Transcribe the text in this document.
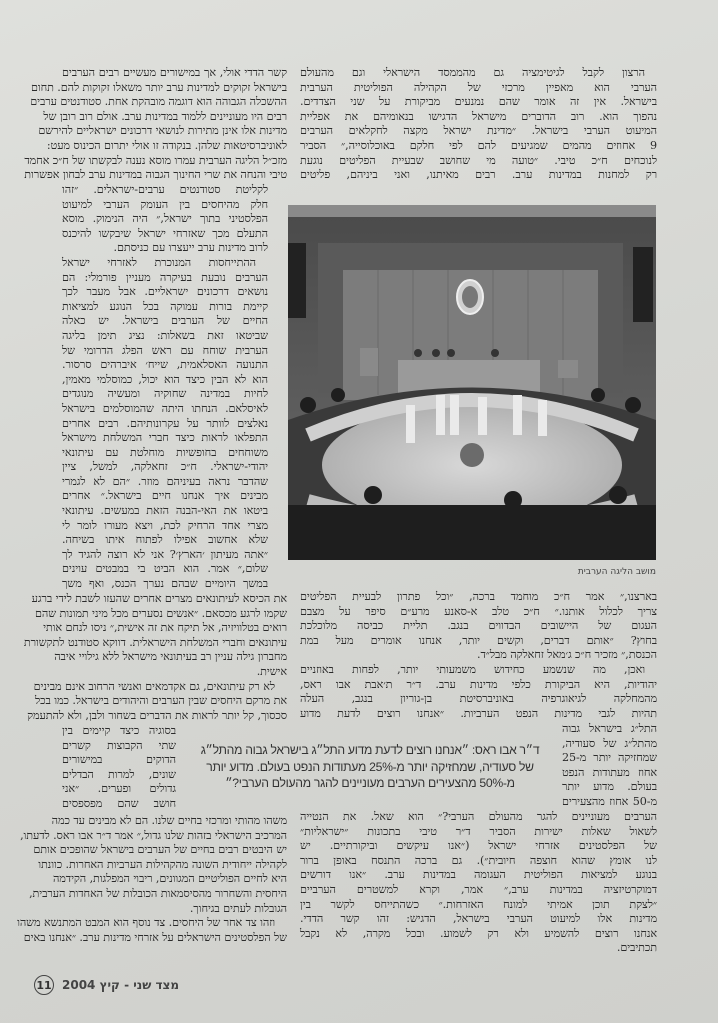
הרצון לקבל לגיטימציה גם מהממסד הישראלי וגם מהעולם
הערבי הוא מאפיין מרכזי של הקהילה הפוליטית הערבית
בישראל. אין זה אומר שהם נמנעים מביקורת על שני הצדדים.
נהפוך הוא. רוב הדוברים מישראל הדגישו בנאומיהם את אפליית
המיעוט הערבי בישראל. ״מדינת ישראל מקצה לחקלאים הערבים
9 אחוזים מהמים שמגיעים להם לפי חלקם באוכלוסייה,״ הסביר
לנוכחים ח״כ טיבי. ״טועה מי שחושב שבעיית הפליטים נוגעת
רק למחנות במדינות ערב. רבים מאיתנו, ואני ביניהם, פליטים
מושב הליגה הערבית
בארצנו,״ אמר ח״כ מוחמד ברכה, ״וכל פתרון לבעיית הפליטים
צריך לכלול אותנו.״ ח״כ טלב א-סאנע מרע״ם סיפר על מצבם
העגום של היישובים הבדווים בנגב. תליית כביסה מלוכלכת
בחוץ? ״אותם דברים, וקשים יותר, אנחנו אומרים מעל במת
הכנסת,״ מזכיר ח״כ ג׳מאל זחאלקה מבל״ד.
ואכן, מה שנשמע כחידוש משמעותי יותר, לפחות באוזניים
יהודיות, היא הביקורת כלפי מדינות ערב. ד״ר ת׳אבת אבו ראס,
מהמחלקה לגיאוגרפיה באוניברסיטת בן-גוריון בנגב, העלה
תהיות לגבי מדינות הנפט הערביות. ״אנחנו רוצים לדעת מדוע
התל״ג בישראל גבוה
מהתל״ג של סעודיה,
שמחזיקה יותר מ-25
אחוז מעתודות הנפט
בעולם. מדוע יותר
מ-50 אחוז מהצעירים
הערבים מעוניינים להגר מהעולם הערבי?״ הוא שאל. את הנטייה
לשאול שאלות ישירות הסביר ד״ר טיבי בתכונות ״ישראליות״
של הפלסטינים אזרחי ישראל (״אנו עיקשים וביקורתיים. יש
לנו אומץ שהוא חוצפה חיובית״). גם ברכה התנסח באופן ברור
בנוגע למציאות הפוליטית העגומה במדינות ערב. ״אנו דורשים
דמוקרטיזציה במדינות ערב,״ אמר, וקרא למשטרים הערביים
״לצקת תוכן אמיתי למונח האזרחות.״ כשהתייחס לקשר בין
מדינות אלו למיעוט הערבי בישראל, הדגיש: זהו קשר הדדי.
אנחנו רוצים להשמיע ולא רק לשמוע. ובכל מקרה, לא נקבל
תכתיבים.
קשר הדדי אולי, אך במישורים מעשיים רבים הערבים
בישראל זקוקים למדינות ערב יותר משאלו זקוקות להם. תחום
ההשכלה הגבוהה הוא דוגמה מובהקת אחת. סטודנטים ערבים
רבים היו מעוניינים ללמוד במדינות ערב. אולם רוב רובן של
מדינות אלו אינן מתירות לנושאי דרכונים ישראליים להירשם
לאוניברסיטאות שלהן. בנקודה זו אולי יתרום הכינוס מעט:
מזכ״ל הליגה הערבית עמרו מוסא נענה לבקשתו של ח״כ אחמד
טיבי והנחה את שרי החינוך הגבוה במדינות ערב לבחון אפשרות
לקליטת סטודנטים ערבים-ישראלים. ״זהו
חלק מהיחסים בין העומק הערבי למיעוט
הפלסטיני בתוך ישראל,״ היה הנימוק. מוסא
התעלם מכך שאזרחי ישראל שיבקשו להיכנס
לרוב מדינות ערב ייעצרו עם כניסתם.
ההתייחסות המנוכרת לאזרחי ישראל
הערבים נובעת בעיקרה מעניין פורמלי: הם
נושאים דרכונים ישראליים. אבל מעבר לכך
קיימת בורות עמוקה בכל הנוגע למציאות
החיים של הערבים בישראל. יש כאלה
שביטאו זאת בשאלות: נציג תימן בליגה
הערבית שוחח עם ראש הפלג הדרומי של
התנועה האסלאמית, שייח׳ איברהים סרסור.
הוא לא הבין כיצד הוא יכול, כמוסלמי מאמין,
לחיות במדינה שחוקיה ומעשיה מנוגדים
לאיסלאם. הנחתו היתה שהמוסלמים בישראל
נאלצים לוותר על עקרונותיהם. רבים אחרים
התפלאו לראות כיצד חברי המשלחת מישראל
משוחחים בחופשיות מוחלטת עם עיתונאי
יהודי-ישראלי. ח״כ זחאלקה, למשל, ציין
שהדבר נראה בעיניהם מוזר. ״הם לא לגמרי
מבינים איך אנחנו חיים בישראל.״ אחרים
ביטאו את האי-הבנה הזאת במעשים. עיתונאי
מצרי אחד הרחיק לכת, ויצא מעורו לומר לי
שלא אחשוב אפילו לפתוח איתו בשיחה.
״אתה מעיתון ׳הארץ׳? אני לא רוצה להגיד לך
שלום,״ אמר. הוא הביט בי במבטים עוינים
במשך היומיים שבהם נערך הכנס, ואף משך
את הכיסא לעיתונאים מצרים אחרים שהעזו לשבת לידי ברגע
שקמו לרגע מכסאם. ״אנשים נסערים מכל מיני תמונות שהם
רואים בטלוויזיה, אל תיקח את זה אישית,״ ניסו לנחם אותי
עיתונאים וחברי המשלחת הישראלית. דווקא סטודנט לתקשורת
מחברון גילה עניין רב בעיתונאי מישראל ללא גילויי איבה
אישית.
לא רק עיתונאים, גם אקדמאים ואנשי הרחוב אינם מבינים
את מרקם היחסים שבין הערבים והיהודים בישראל. כמו בכל
סכסוך, קל יותר לראות את הדברים בשחור ולבן, ולא להתעמק
בסוגיה כיצד קיימים בין
שתי הקבוצות קשרים
הדוקים במישורים
שונים, למרות הבדלים
גדולים ופערים. ״אני
חושב שהם מפספסים
משהו מהותי ומרכזי בחיים שלנו. הם לא מבינים עד כמה
המרכיב הישראלי בזהות שלנו גדול,״ אמר ד״ר אבו ראס. לדעתו,
יש היבטים רבים בחיים של הערבים בישראל שהופכים אותם
לקהילה ייחודית השונה מהקהילות הערביות האחרות. כוונתו
היא לחיים הפוליטיים המגוונים, ריבוי המפלגות, הקידמה
היחסית והשחרור מהסיסמאות הכובלות של האחדות הערבית,
הגובלות לעתים בגיחוך.
וזהו צד אחר של היחסים. צד נוסף הוא המבט המתנשא משהו
של הפלסטינים הישראלים על אזרחי מדינות ערב. ״אנחנו באים
ד״ר אבו ראס: ״אנחנו רוצים לדעת מדוע התל״ג בישראל גבוה מהתל״ג
של סעודיה, שמחזיקה יותר מ-25% מעתודות הנפט בעולם. מדוע יותר
מ-50% מהצעירים הערבים מעוניינים להגר מהעולם הערבי?״
11 מצד שני - קיץ 2004
